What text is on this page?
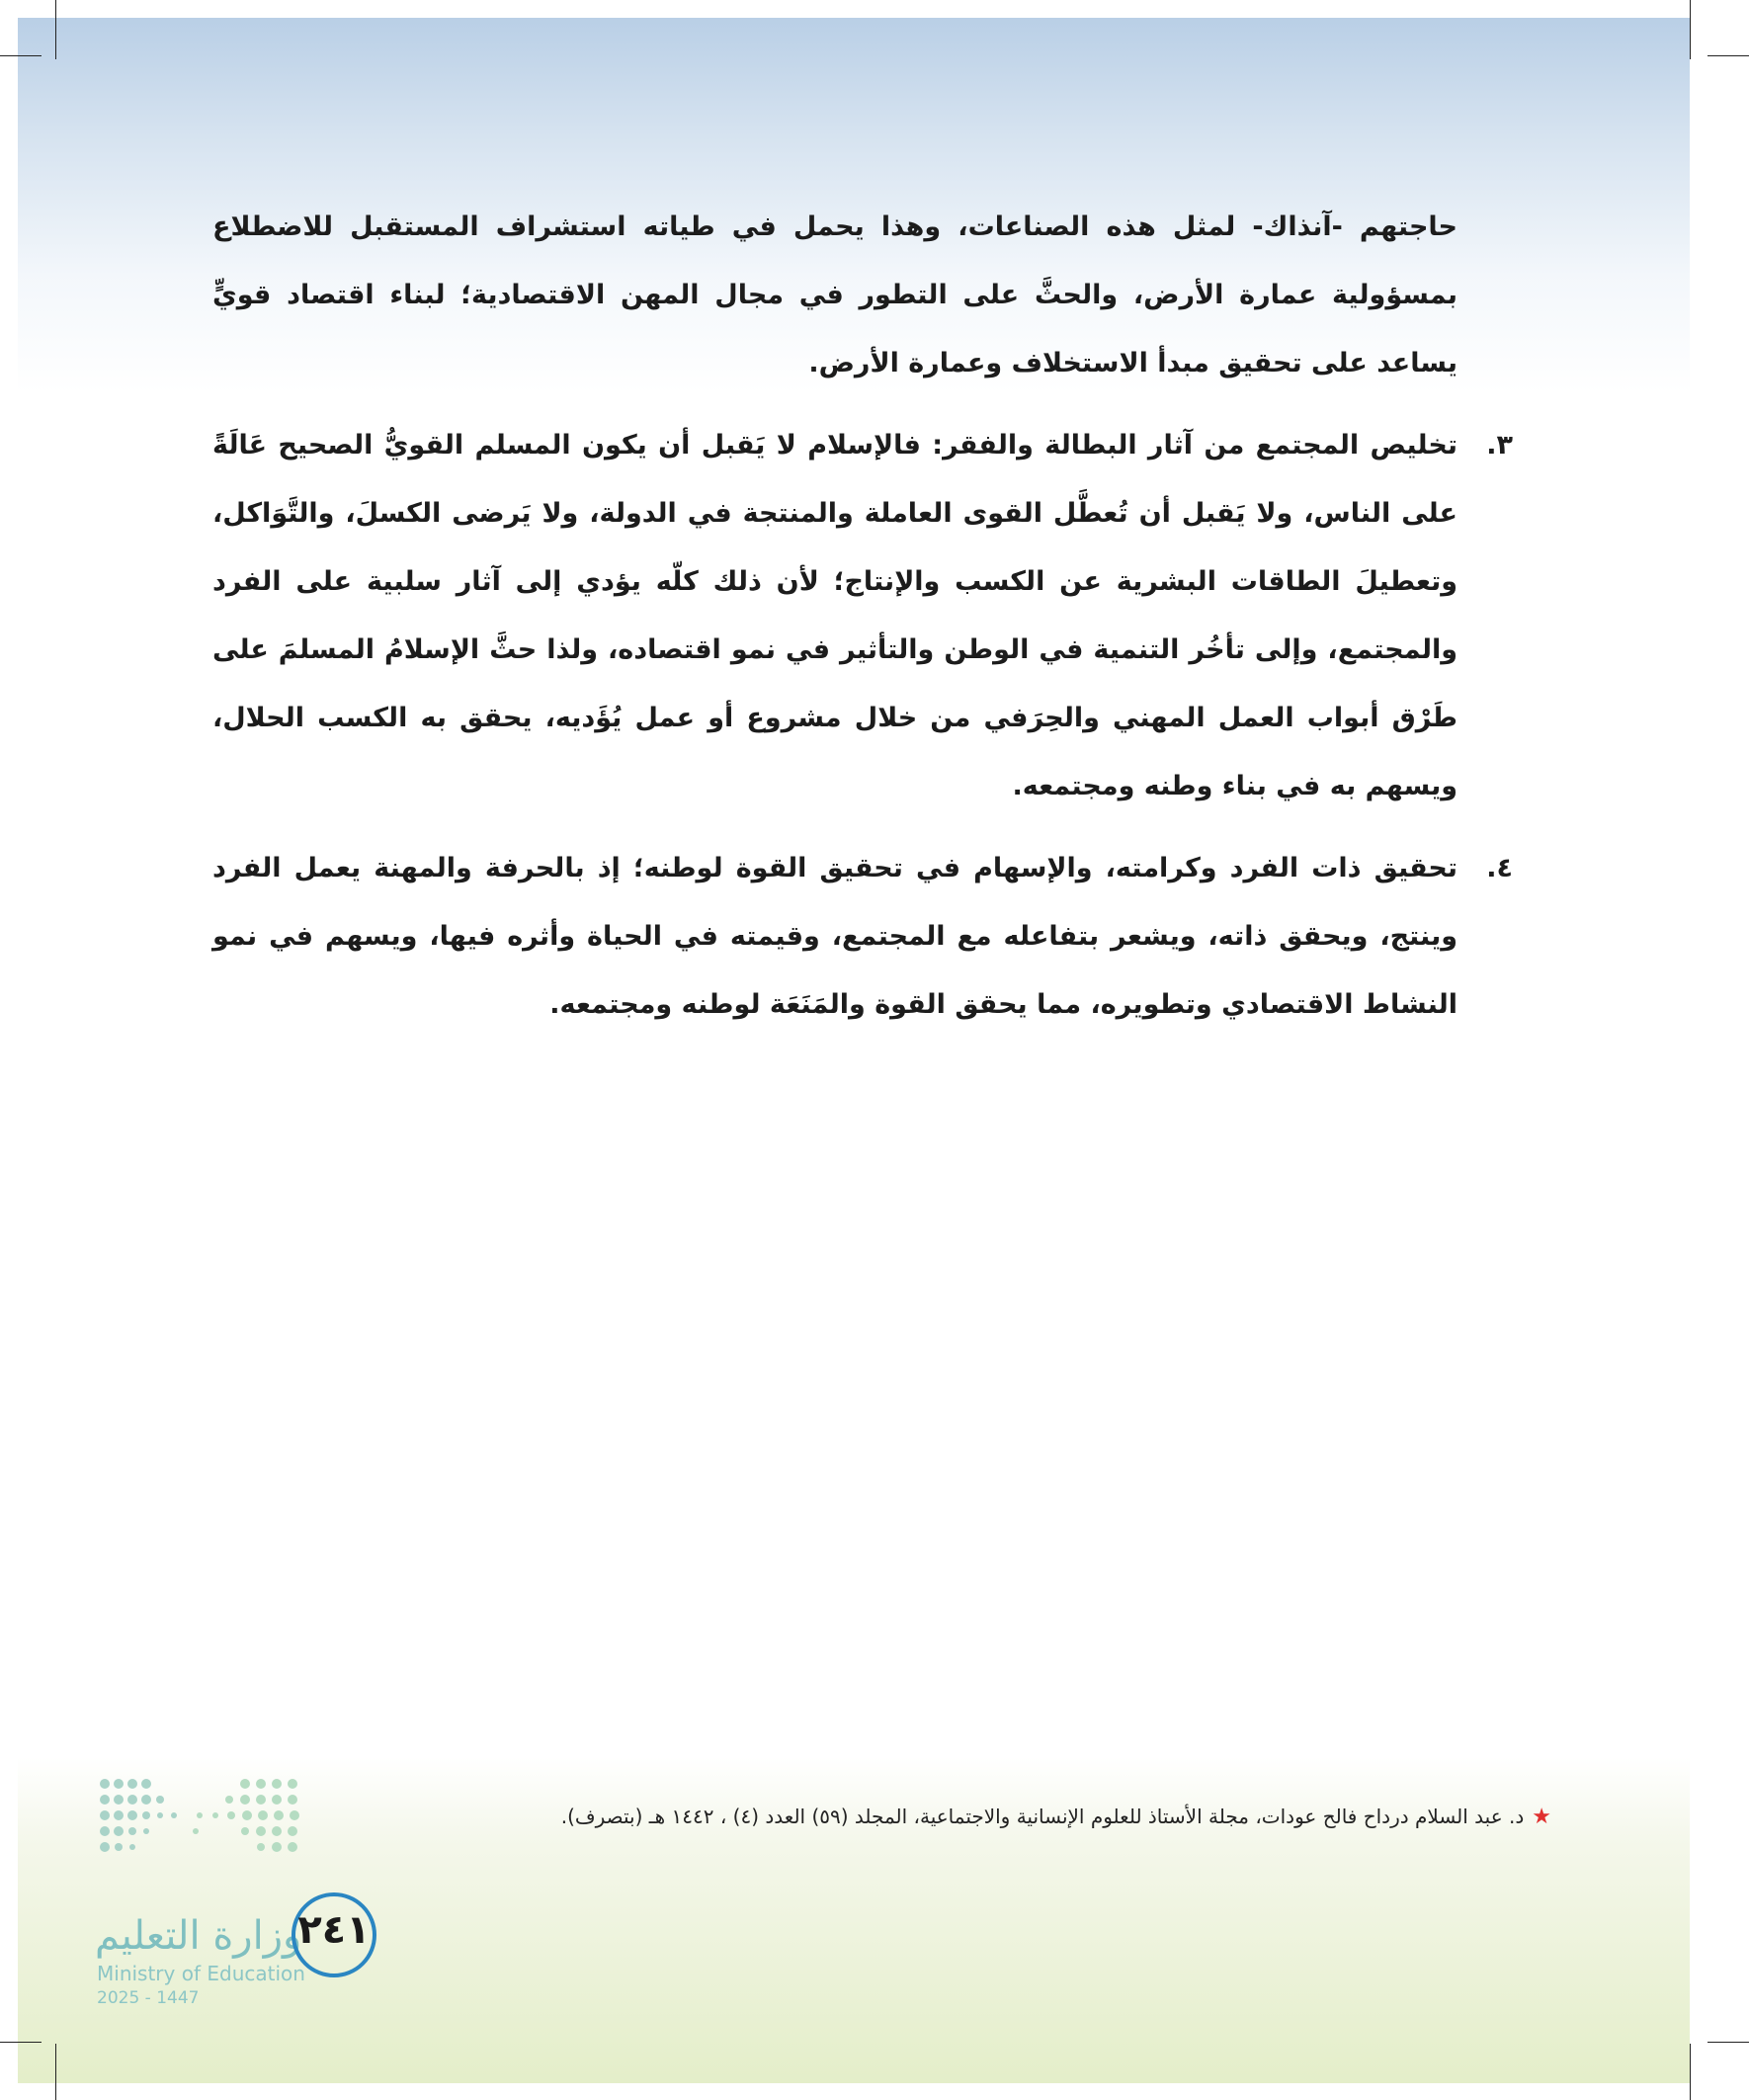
حاجتهم -آنذاك- لمثل هذه الصناعات، وهذا يحمل في طياته استشراف المستقبل للاضطلاع بمسؤولية عمارة الأرض، والحثَّ على التطور في مجال المهن الاقتصادية؛ لبناء اقتصاد قويٍّ يساعد على تحقيق مبدأ الاستخلاف وعمارة الأرض.

٣.

تخليص المجتمع من آثار البطالة والفقر: فالإسلام لا يَقبل أن يكون المسلم القويُّ الصحيح عَالَةً على الناس، ولا يَقبل أن تُعطَّل القوى العاملة والمنتجة في الدولة، ولا يَرضى الكسلَ، والتَّوَاكل، وتعطيلَ الطاقات البشرية عن الكسب والإنتاج؛ لأن ذلك كلّه يؤدي إلى آثار سلبية على الفرد والمجتمع، وإلى تأخُر التنمية في الوطن والتأثير في نمو اقتصاده، ولذا حثَّ الإسلامُ المسلمَ على طَرْق أبواب العمل المهني والحِرَفي من خلال مشروع أو عمل يُؤَديه، يحقق به الكسب الحلال، ويسهم به في بناء وطنه ومجتمعه.

٤.

تحقيق ذات الفرد وكرامته، والإسهام في تحقيق القوة لوطنه؛ إذ بالحرفة والمهنة يعمل الفرد وينتج، ويحقق ذاته، ويشعر بتفاعله مع المجتمع، وقيمته في الحياة وأثره فيها، ويسهم في نمو النشاط الاقتصادي وتطويره، مما يحقق القوة والمَنَعَة لوطنه ومجتمعه.

★د. عبد السلام درداح فالح عودات، مجلة الأستاذ للعلوم الإنسانية والاجتماعية، المجلد (٥٩) العدد (٤) ، ١٤٤٢ هـ (بتصرف).
وزارة التعليم
Ministry of Education
2025 - 1447
٢٤١
